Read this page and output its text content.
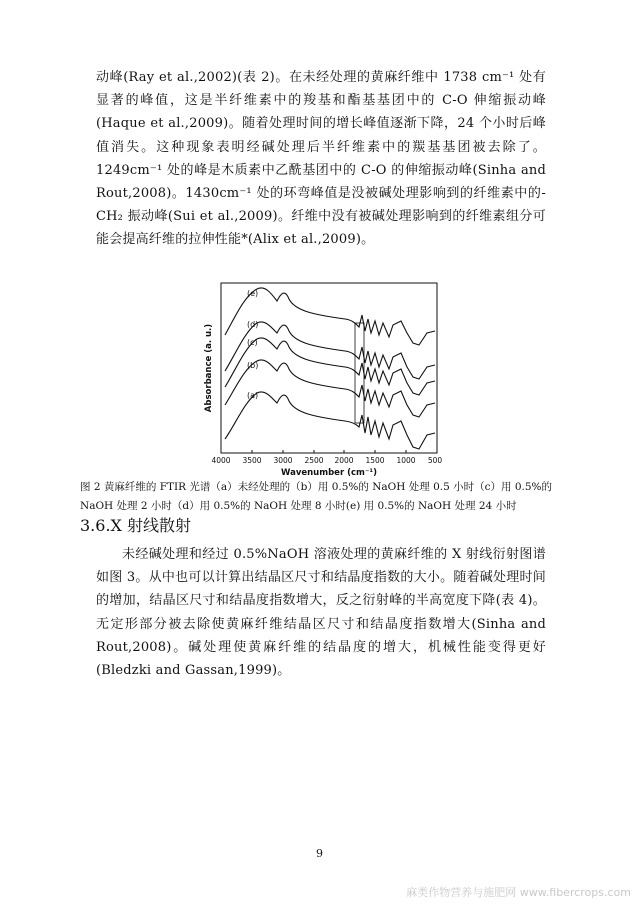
动峰(Ray et al.,2002)(表 2)。在未经处理的黄麻纤维中 1738 cm⁻¹ 处有显著的峰值，这是半纤维素中的羧基和酯基基团中的 C-O 伸缩振动峰(Haque et al.,2009)。随着处理时间的增长峰值逐渐下降，24 个小时后峰值消失。这种现象表明经碱处理后半纤维素中的羰基基团被去除了。1249cm⁻¹ 处的峰是木质素中乙酰基团中的 C-O 的伸缩振动峰(Sinha and Rout,2008)。1430cm⁻¹ 处的环弯峰值是没被碱处理影响到的纤维素中的-CH₂ 振动峰(Sui et al.,2009)。纤维中没有被碱处理影响到的纤维素组分可能会提高纤维的拉伸性能*(Alix et al.,2009)。

(e)
(d)
(c)
(b)
(a)
4000 3500 3000 2500 2000 1500 1000 500
Wavenumber (cm⁻¹)
Absorbance (a. u.)

图 2 黄麻纤维的 FTIR 光谱（a）未经处理的（b）用 0.5%的 NaOH 处理 0.5 小时（c）用 0.5%的 NaOH 处理 2 小时（d）用 0.5%的 NaOH 处理 8 小时(e) 用 0.5%的 NaOH 处理 24 小时

3.6.X 射线散射

未经碱处理和经过 0.5%NaOH 溶液处理的黄麻纤维的 X 射线衍射图谱如图 3。从中也可以计算出结晶区尺寸和结晶度指数的大小。随着碱处理时间的增加，结晶区尺寸和结晶度指数增大，反之衍射峰的半高宽度下降(表 4)。无定形部分被去除使黄麻纤维结晶区尺寸和结晶度指数增大(Sinha and Rout,2008)。碱处理使黄麻纤维的结晶度的增大，机械性能变得更好(Bledzki and Gassan,1999)。

9
麻类作物营养与施肥网 www.fibercrops.com
